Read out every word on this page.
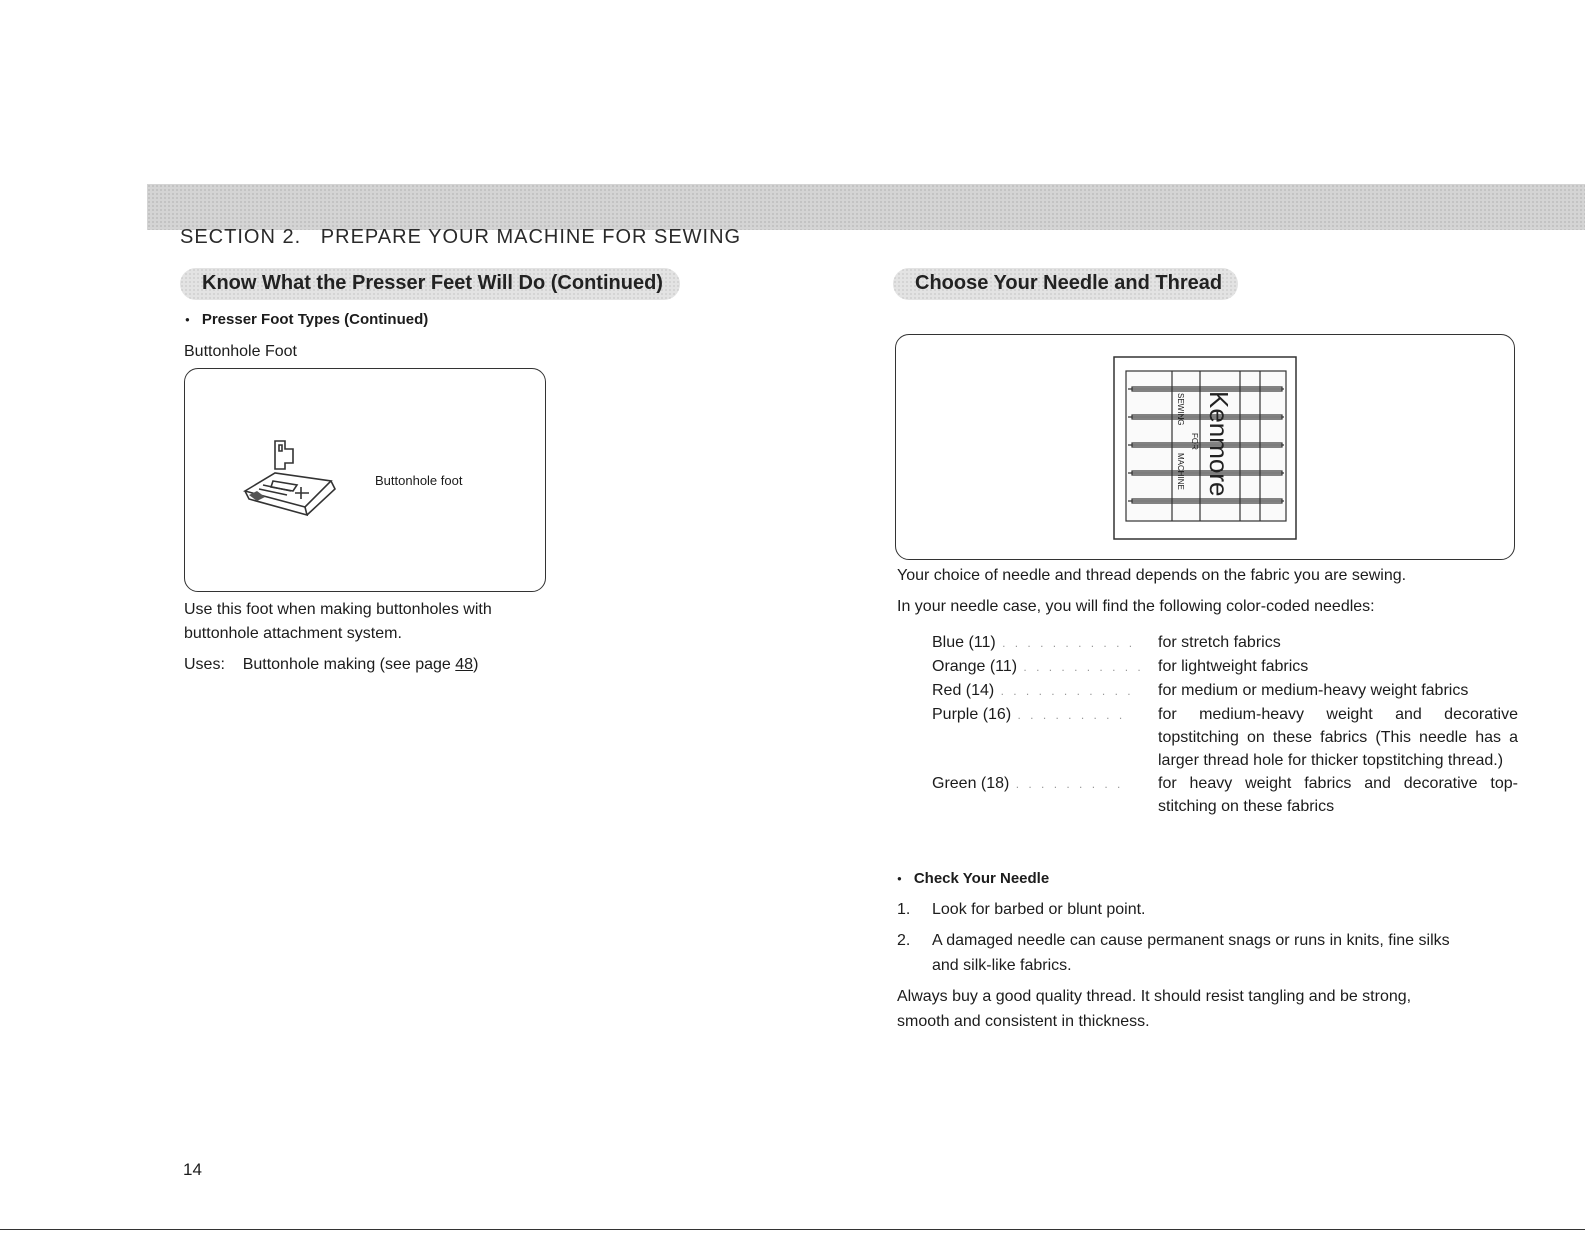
SECTION 2.   PREPARE YOUR MACHINE FOR SEWING
Know What the Presser Feet Will Do (Continued)
● Presser Foot Types (Continued)
Buttonhole Foot
Buttonhole foot
Use this foot when making buttonholes with
buttonhole attachment system.
Uses: Buttonhole making (see page 48)
Choose Your Needle and Thread
Kenmore
SEWING
MACHINE
FOR
Your choice of needle and thread depends on the fabric you are sewing.
In your needle case, you will find the following color-coded needles:
Blue (11) . . . . . . . . . . .	for stretch fabrics
Orange (11) . . . . . . . . . . for lightweight fabrics
Red (14) . . . . . . . . . . .	for medium or medium-heavy weight fabrics
Purple (16) . . . . . . . . .	for medium-heavy weight and decorative topstitching on these fabrics (This needle has a larger thread hole for thicker topstitching thread.)
Green (18) . . . . . . . . .	for heavy weight fabrics and decorative top-stitching on these fabrics
● Check Your Needle
1. Look for barbed or blunt point.
2. A damaged needle can cause permanent snags or runs in knits, fine silks
and silk-like fabrics.
Always buy a good quality thread. It should resist tangling and be strong,
smooth and consistent in thickness.
14
